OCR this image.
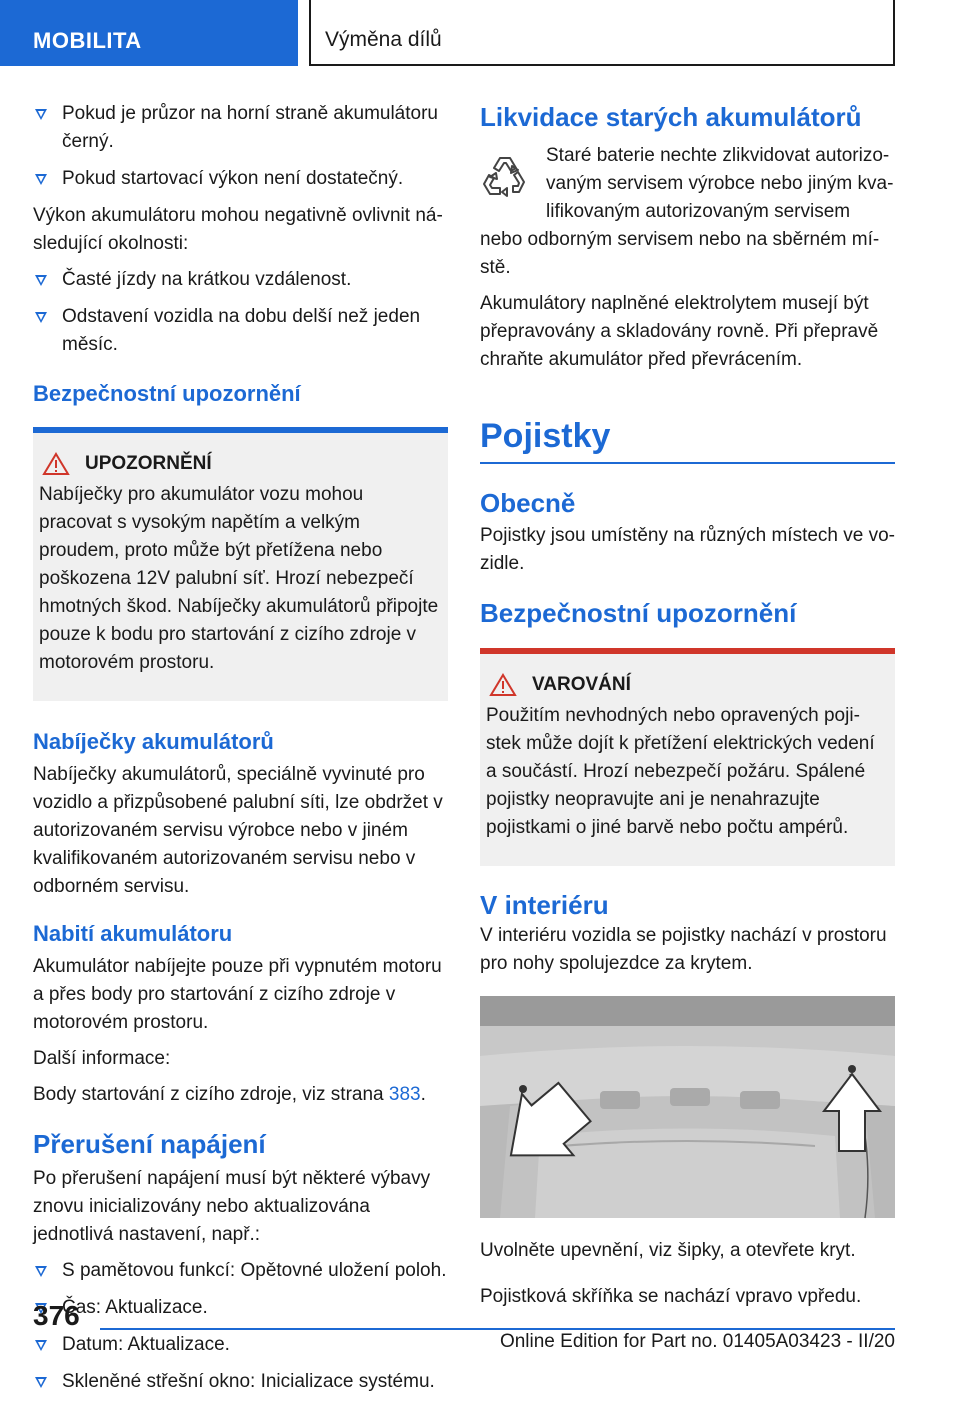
MOBILITA	Výměna dílů
Pokud je průzor na horní straně akumulátoru černý.
Pokud startovací výkon není dostatečný.

Výkon akumulátoru mohou negativně ovlivnit následující okolnosti:

Časté jízdy na krátkou vzdálenost.
Odstavení vozidla na dobu delší než jeden měsíc.
Bezpečnostní upozornění
UPOZORNĚNÍ

Nabíječky pro akumulátor vozu mohou pracovat s vysokým napětím a velkým proudem, proto může být přetížena nebo poškozena 12V palubní síť. Hrozí nebezpečí hmotných škod. Nabíječky akumulátorů připojte pouze k bodu pro startování z cizího zdroje v motorovém prostoru.

Nabíječky akumulátorů

Nabíječky akumulátorů, speciálně vyvinuté pro vozidlo a přizpůsobené palubní síti, lze obdržet v autorizovaném servisu výrobce nebo v jiném kvalifikovaném autorizovaném servisu nebo v odborném servisu.

Nabití akumulátoru

Akumulátor nabíjejte pouze při vypnutém motoru a přes body pro startování z cizího zdroje v motorovém prostoru.

Další informace:

Body startování z cizího zdroje, viz strana 383.

Přerušení napájení

Po přerušení napájení musí být některé výbavy znovu inicializovány nebo aktualizována jednotlivá nastavení, např.:

S pamětovou funkcí: Opětovné uložení poloh.
Čas: Aktualizace.
Datum: Aktualizace.
Skleněné střešní okno: Inicializace systému.
Likvidace starých akumulátorů
Staré baterie nechte zlikvidovat autorizovaným servisem výrobce nebo jiným kvalifikovaným autorizovaným servisem

nebo odborným servisem nebo na sběrném místě.

Akumulátory naplněné elektrolytem musejí být přepravovány a skladovány rovně. Při přepravě chraňte akumulátor před převrácením.

Pojistky
Obecně

Pojistky jsou umístěny na různých místech ve vozidle.

Bezpečnostní upozornění
VAROVÁNÍ

Použitím nevhodných nebo opravených pojistek může dojít k přetížení elektrických vedení a součástí. Hrozí nebezpečí požáru. Spálené pojistky neopravujte ani je nenahrazujte pojistkami o jiné barvě nebo počtu ampérů.

V interiéru

V interiéru vozidla se pojistky nachází v prostoru pro nohy spolujezdce za krytem.

Uvolněte upevnění, viz šipky, a otevřete kryt.

Pojistková skříňka se nachází vpravo vpředu.

376
Online Edition for Part no. 01405A03423 - II/20
